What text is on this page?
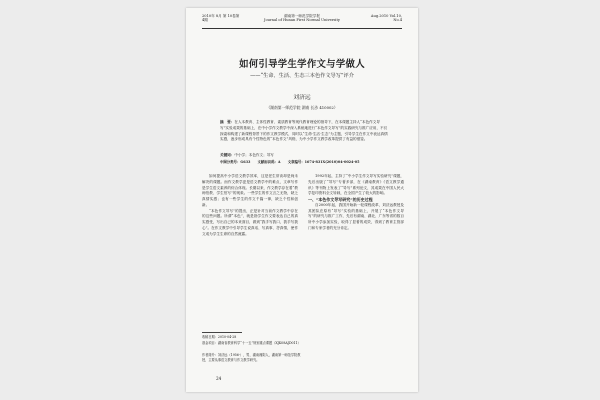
2010年 8月 第 10卷第 4期
湖南第一师范学院学报
Journal of Hunan First Normal University
Aug.2010 Vol.10, No.4
如何引导学生学作文与学做人
——“生命、生活、生态三本色作文导写”评介
刘济远
（湖南第一师范学院 湖南 长沙 410002）
摘　要：在人本教育、主体性教育、素质教育等现代教育理论的指导下，在本课题主持人“本色作文导写”实验成果的基础上，在中小学作文教学中深入系统地进行“本色作文导写”的实践研究与推广应用，不仅探索和构建了新课程背景下的作文教学模式，同时以“生命·生活·生态”为主题，引导学生在作文中表达真情实感，逐步形成具有个性特色的“本色作文”风格，为中小学作文教学改革提供了有益的借鉴。
关键词：中小学；本色作文；导写
中图分类号：G633 文献标识码：A 文章编号：1674-831X(2010)04-0024-05

如何提高中小学语文教学效率，这是老生常谈却是尚未解决的课题。而作文教学更是语文教学中的难点，文章写作是学生语文素养的综合体现。长期以来，作文教学存在着“教师怕教、学生怕写”的现象。一些学生的作文言之无物，缺乏真情实感；也有一些学生的作文千篇一律，缺乏个性和创新。

“本色作文导写”的提出，正是针对当前作文教学中存在的这些问题。所谓“本色”，就是指学生作文要表达自己的真实感受，写出自己的本来面目，做到“我手写我口，我手写我心”。在作文教学中引导学生说真话、写真事、抒真情，使作文成为学生生命的自然流露。

1992年起，主持了“中小学生作文导写实验研究”课题，先后出版了“导写”专著多部，在《湖南教育》《语文教学通讯》等刊物上发表了“导写”系列论文，其成果在中国人民大学复印资料全文转载，在全国产生了较大的影响。

一、“本色作文导写研究”的历史过程

自2000年起，我国开始新一轮课程改革，刘济远教授及其团队在原有“导写”实验的基础上，开展了“本色作文导写”的研究与推广工作，先后有湖南、湖北、广东等省的数百所中小学参加实验，取得了显著的成效，得到了教育主管部门和专家学者的充分肯定。

收稿日期：2010-04-28
基金项目：湖南省教育科学“十一五”规划重点课题（XJK08AJD011）
作者简介：刘济远（1956-），男，湖南湘阴人，湖南第一师范学院教授，主要从事语文教育与作文教学研究。
24
